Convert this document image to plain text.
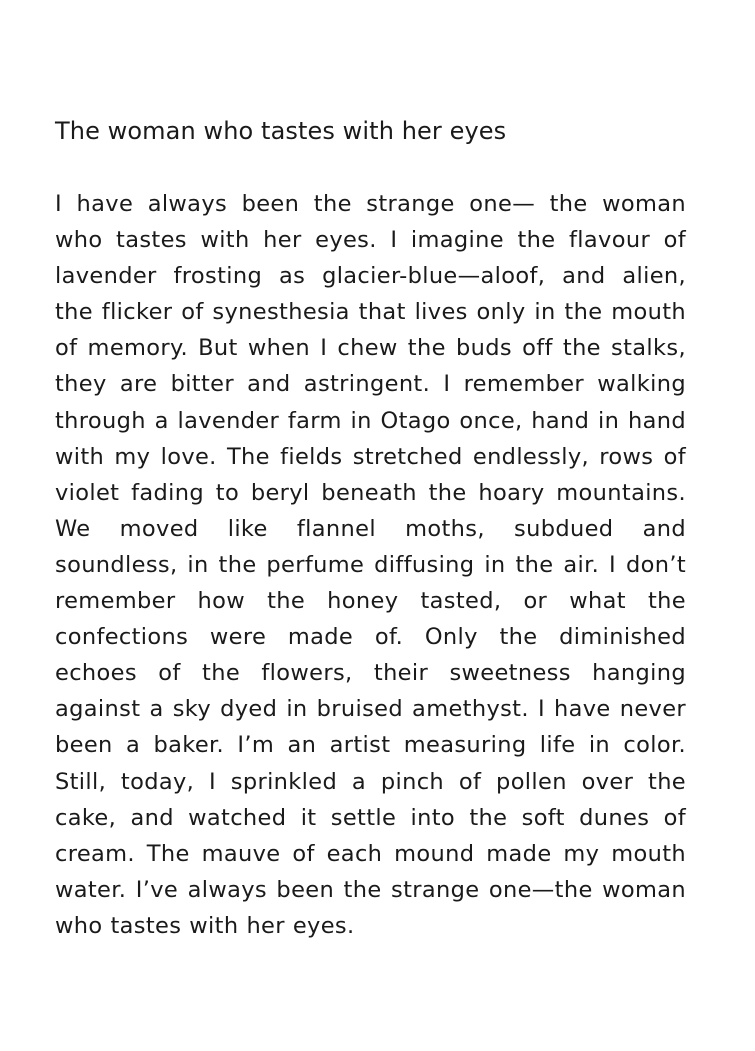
The woman who tastes with her eyes

I have always been the strange one— the woman who tastes with her eyes. I imagine the flavour of lavender frosting as glacier-blue—aloof, and alien, the flicker of synesthesia that lives only in the mouth of memory. But when I chew the buds off the stalks, they are bitter and astringent. I remember walking through a lavender farm in Otago once, hand in hand with my love. The fields stretched endlessly, rows of violet fading to beryl beneath the hoary mountains. We moved like flannel moths, subdued and soundless, in the perfume diffusing in the air. I don’t remember how the honey tasted, or what the confections were made of. Only the diminished echoes of the flowers, their sweetness hanging against a sky dyed in bruised amethyst. I have never been a baker. I’m an artist measuring life in color. Still, today, I sprinkled a pinch of pollen over the cake, and watched it settle into the soft dunes of cream. The mauve of each mound made my mouth water. I’ve always been the strange one—the woman who tastes with her eyes.
